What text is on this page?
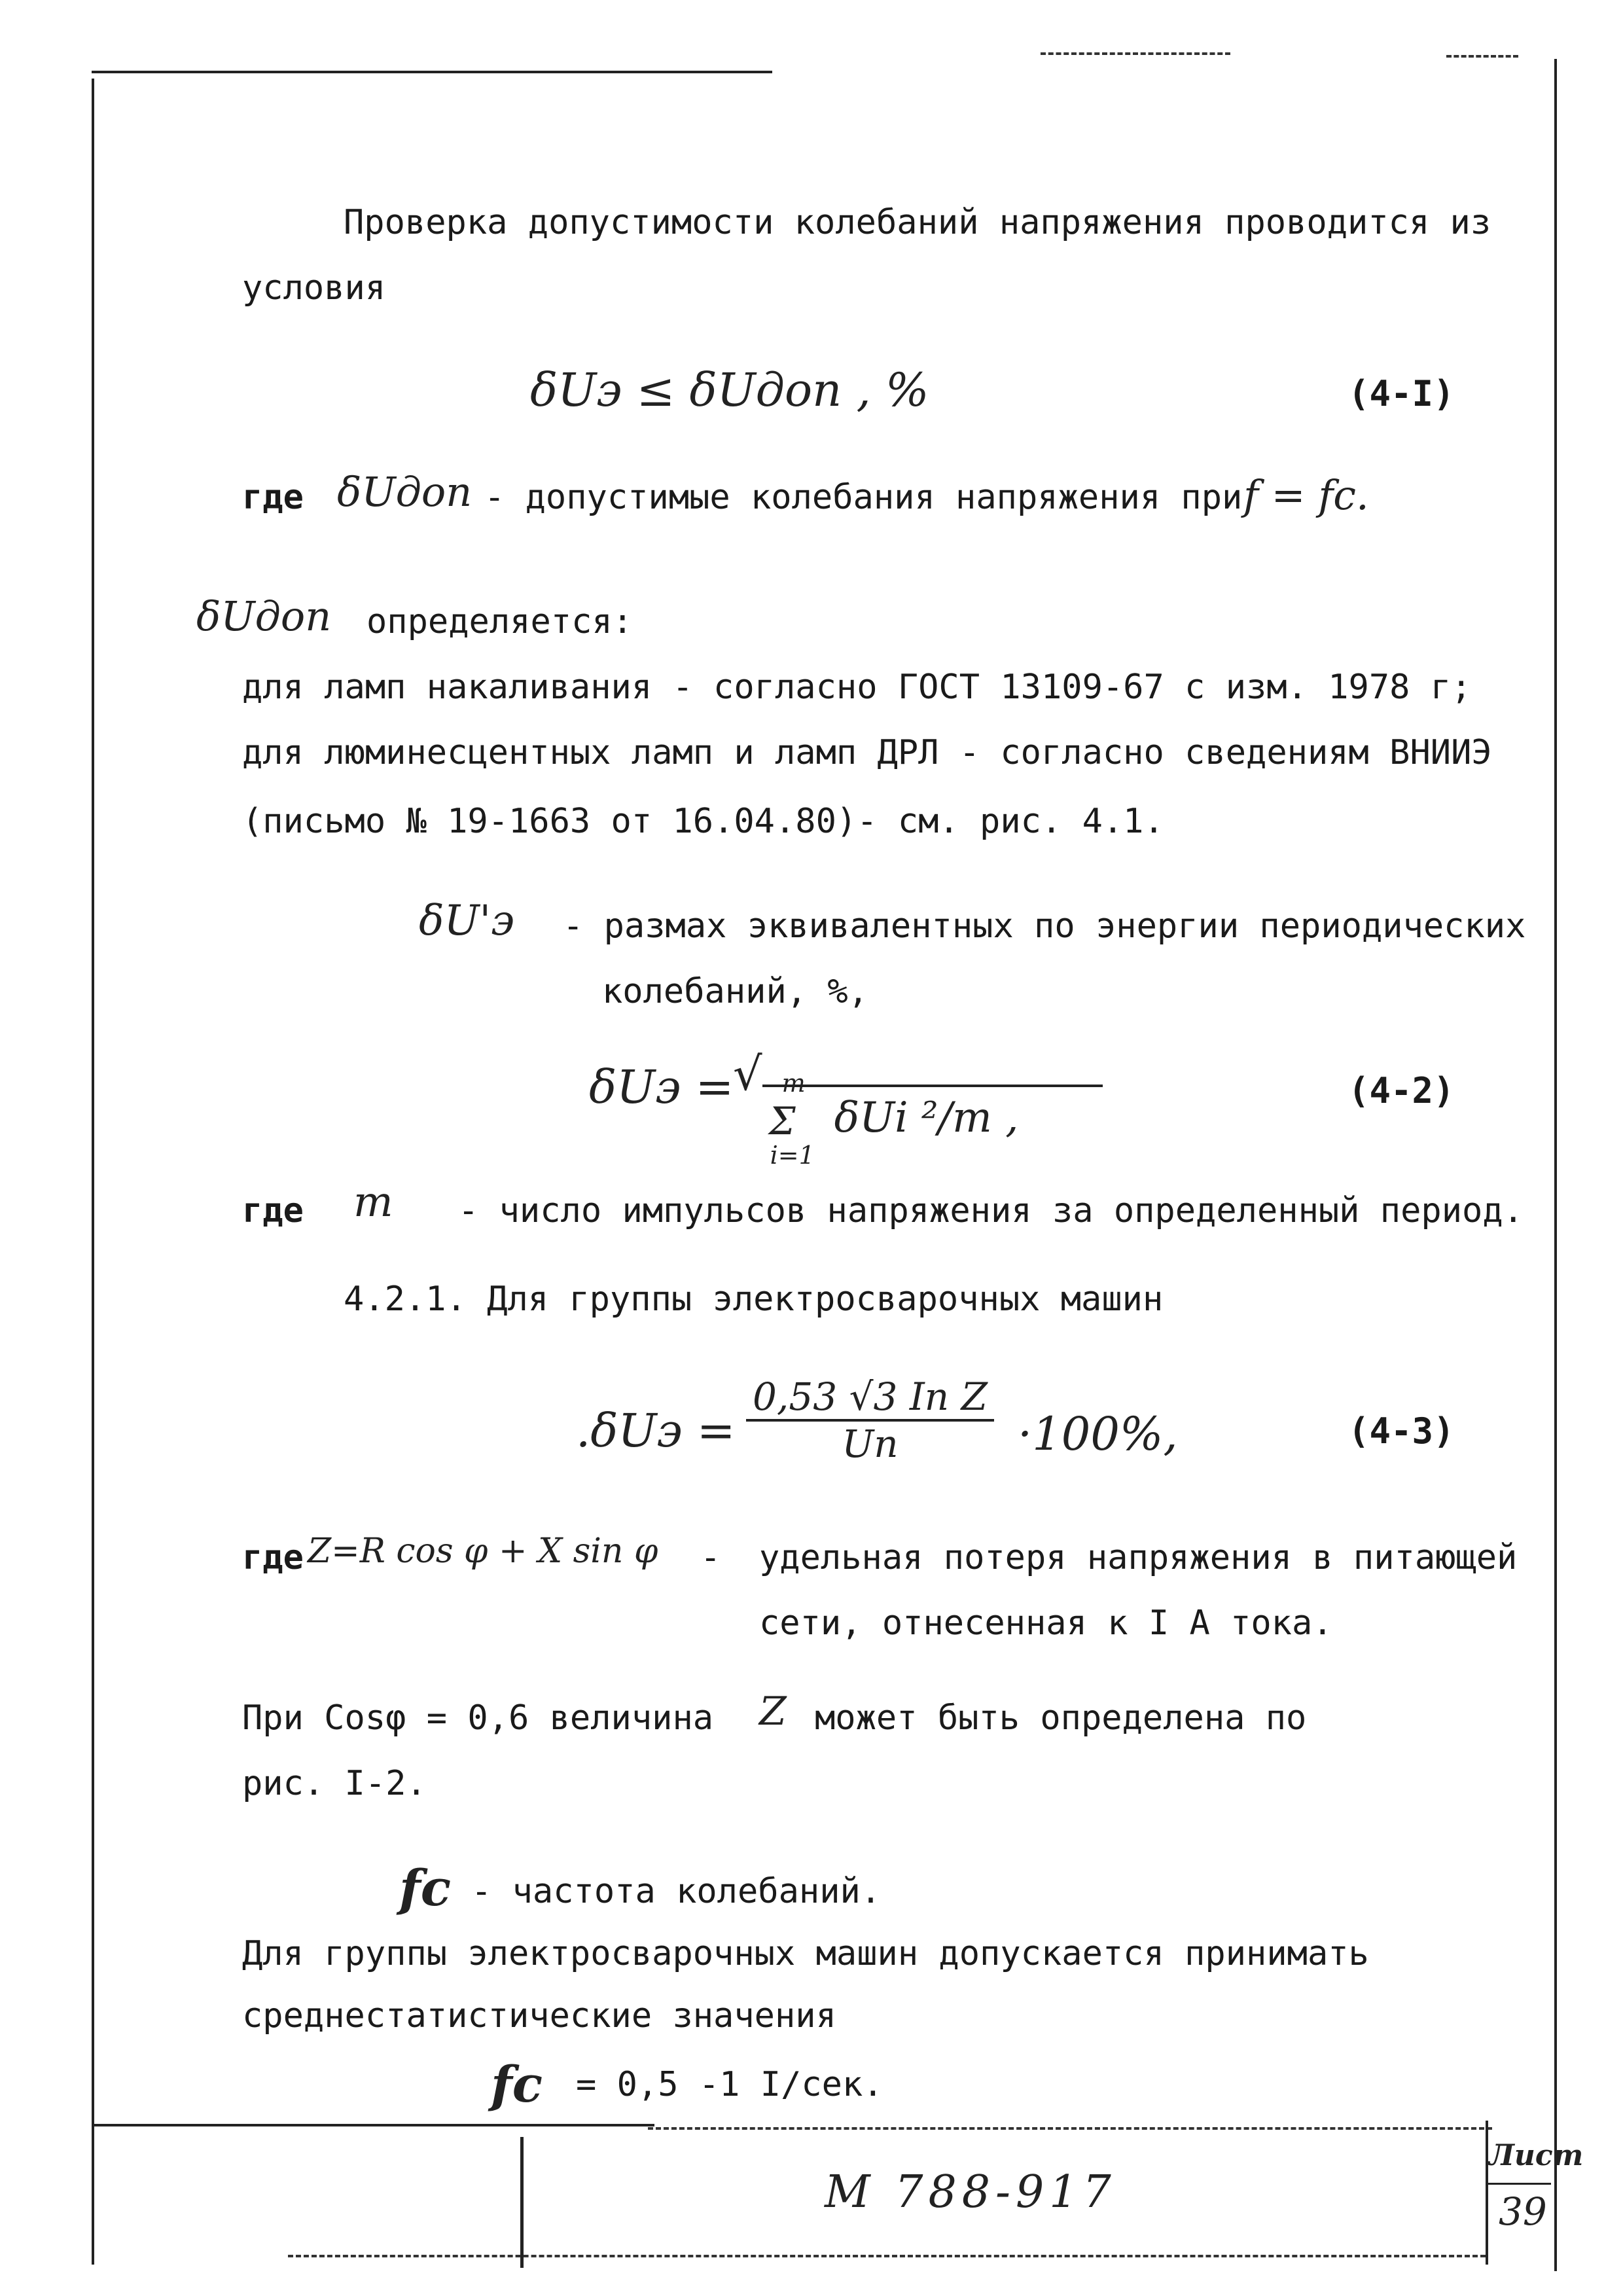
Проверка допустимости колебаний напряжения проводится из
условия
δUэ ≤ δUдоп , %	(4-I)
где δUдоп - допустимые колебания напряжения при f = fc.
δUдоп определяется:
для ламп накаливания - согласно ГОСТ 13109-67 с изм. 1978 г;
для люминесцентных ламп и ламп ДРЛ - согласно сведениям ВНИИЭ
(письмо № 19-1663 от 16.04.80)- см. рис. 4.1.
δU'э - размах эквивалентных по энергии периодических
колебаний, %,
δUэ =
√
Σ
m
i=1
δUi ²/m ,
(4-2)
где m - число импульсов напряжения за определенный период.
4.2.1. Для группы электросварочных машин
$.\delta Uэ = \frac{\text{0,53 √3 Iп Z}}{Uп} \cdot 100\%$,	(4-3)
где Z=R cos φ + X sin φ - удельная потеря напряжения в питающей
сети, отнесенная к I А тока.
При Cosφ = 0,6 величина Z может быть определена по
рис. I-2.
fc - частота колебаний.
Для группы электросварочных машин допускается принимать
среднестатистические значения
fc = 0,5 -1 I/сек.
М 788-917
Лист
39
